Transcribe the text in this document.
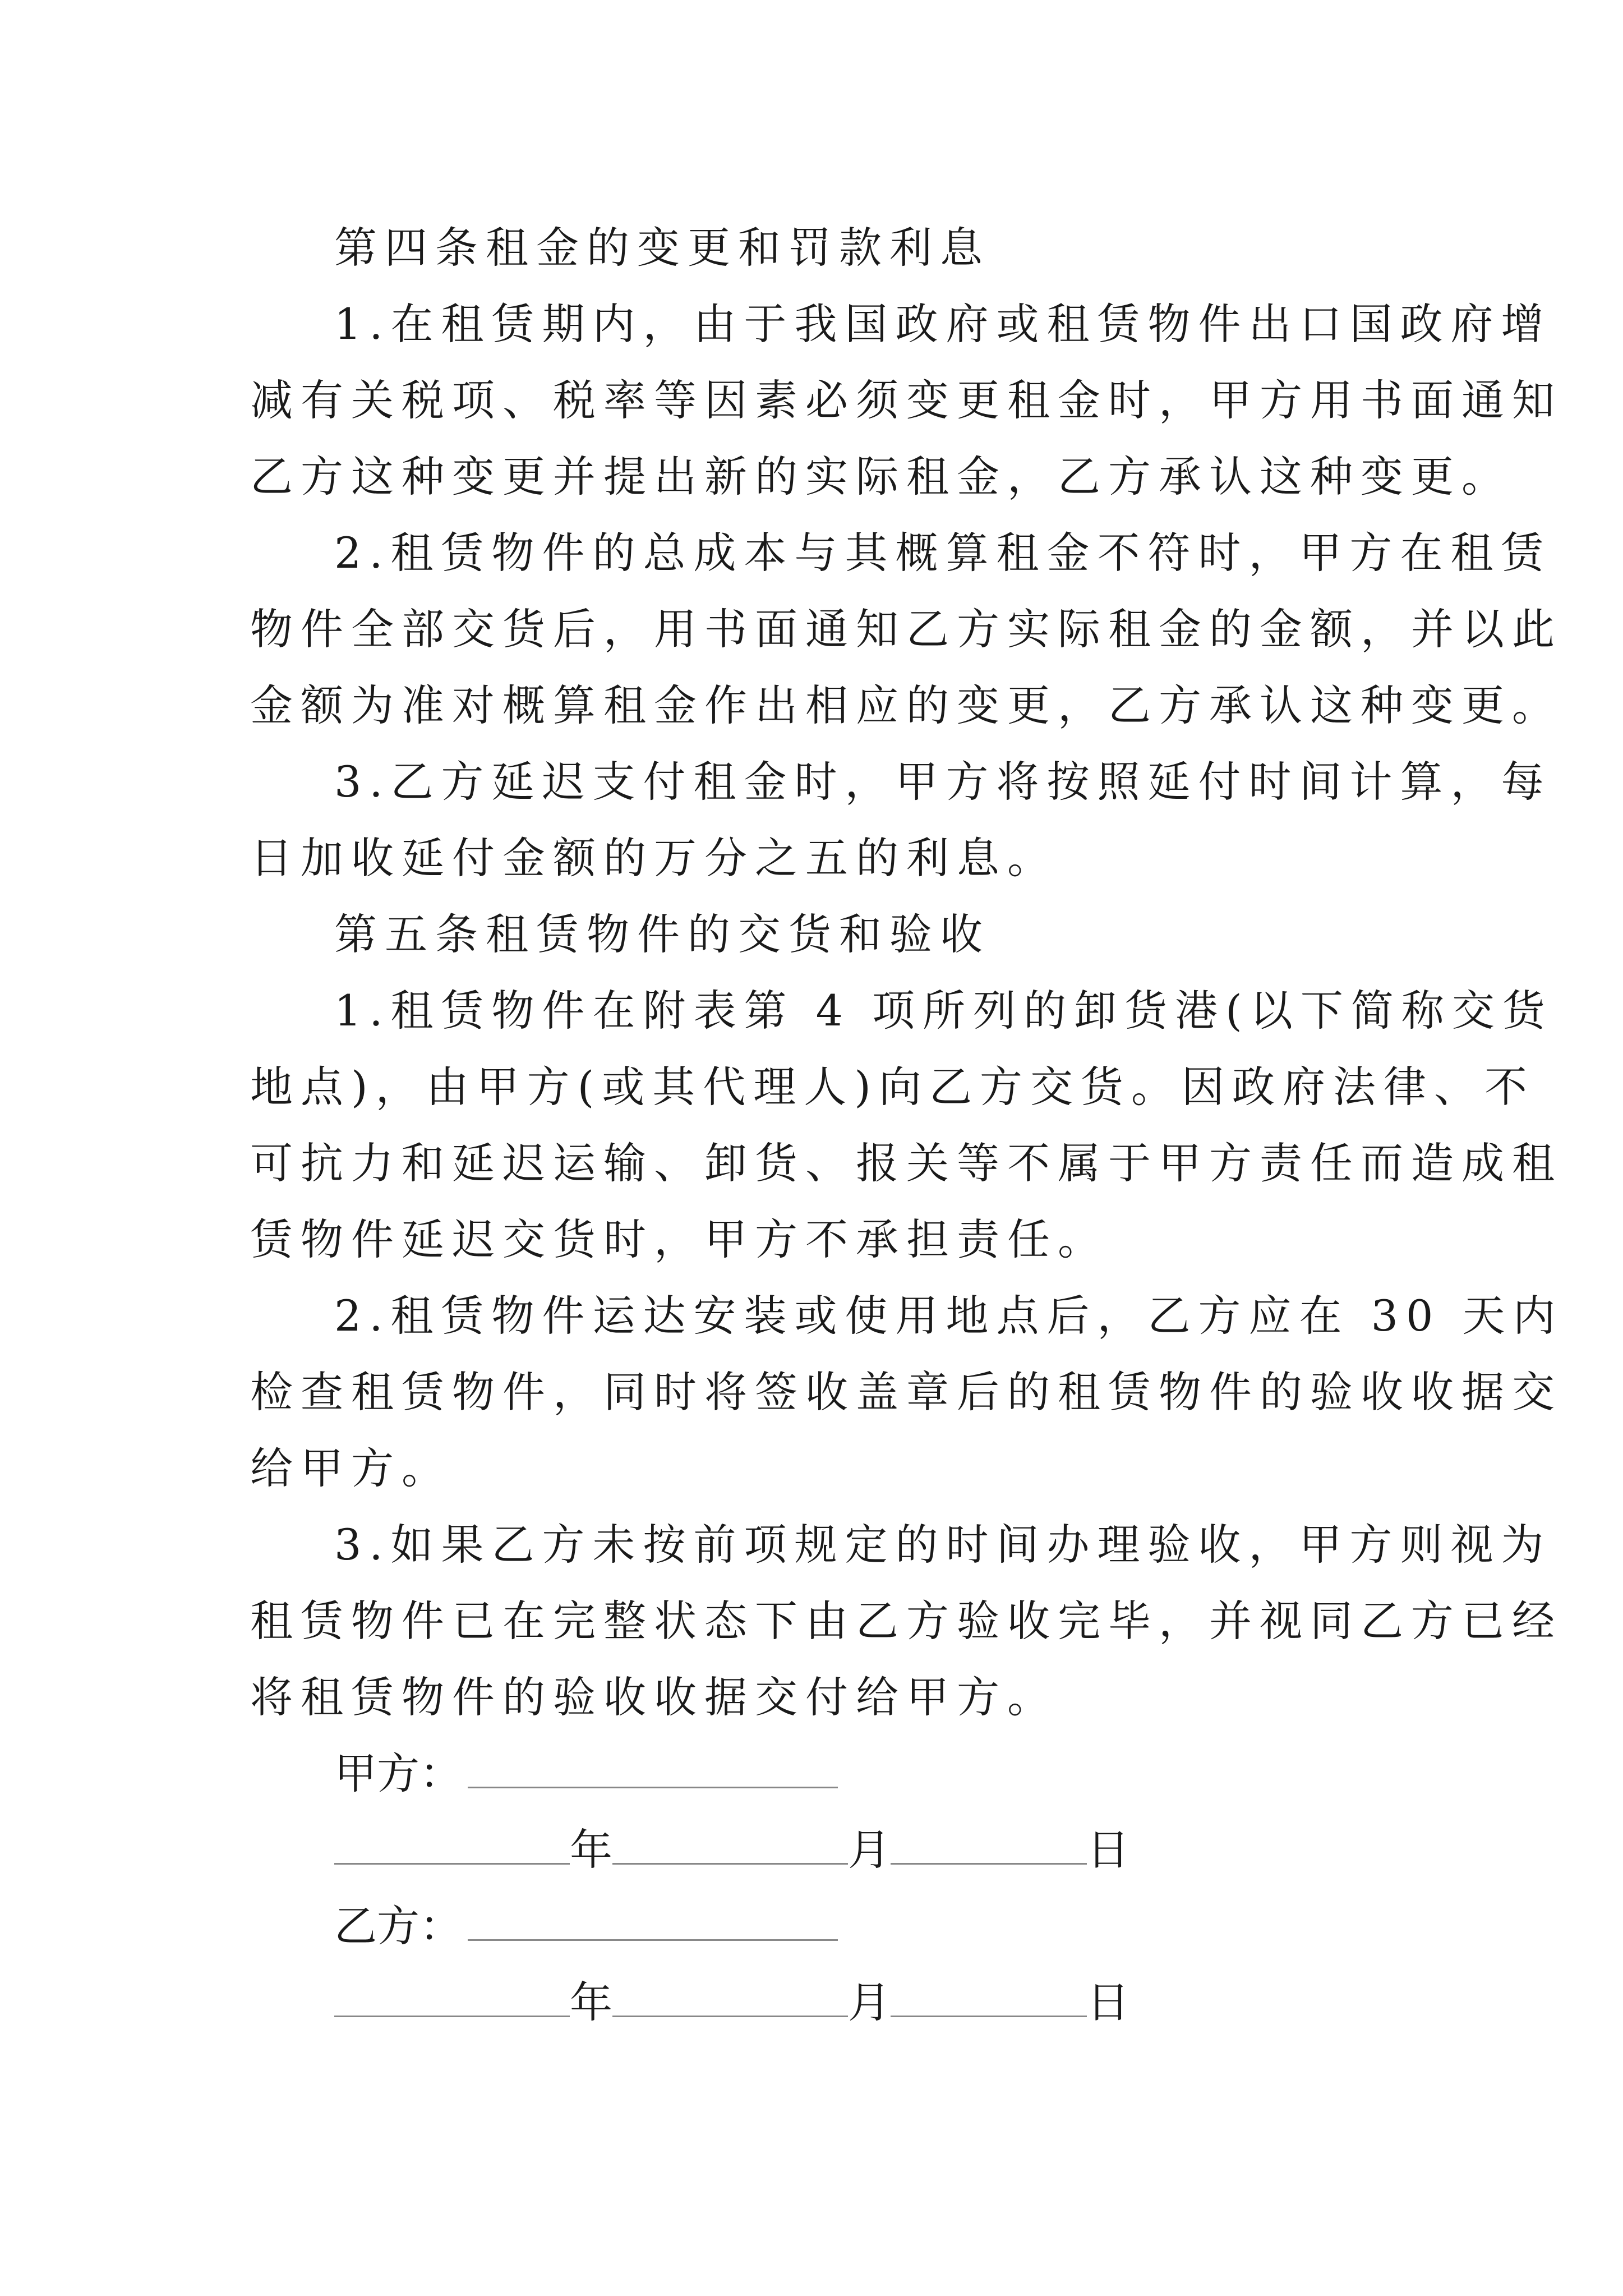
第四条租金的变更和罚款利息
1.在租赁期内，由于我国政府或租赁物件出口国政府增
减有关税项、税率等因素必须变更租金时，甲方用书面通知
乙方这种变更并提出新的实际租金，乙方承认这种变更。
2.租赁物件的总成本与其概算租金不符时，甲方在租赁
物件全部交货后，用书面通知乙方实际租金的金额，并以此
金额为准对概算租金作出相应的变更，乙方承认这种变更。
3.乙方延迟支付租金时，甲方将按照延付时间计算，每
日加收延付金额的万分之五的利息。
第五条租赁物件的交货和验收
1.租赁物件在附表第 4 项所列的卸货港(以下简称交货
地点)，由甲方(或其代理人)向乙方交货。因政府法律、不
可抗力和延迟运输、卸货、报关等不属于甲方责任而造成租
赁物件延迟交货时，甲方不承担责任。
2.租赁物件运达安装或使用地点后，乙方应在 30 天内
检查租赁物件，同时将签收盖章后的租赁物件的验收收据交
给甲方。
3.如果乙方未按前项规定的时间办理验收，甲方则视为
租赁物件已在完整状态下由乙方验收完毕，并视同乙方已经
将租赁物件的验收收据交付给甲方。
甲方：
年	月	日
乙方：
年	月	日
